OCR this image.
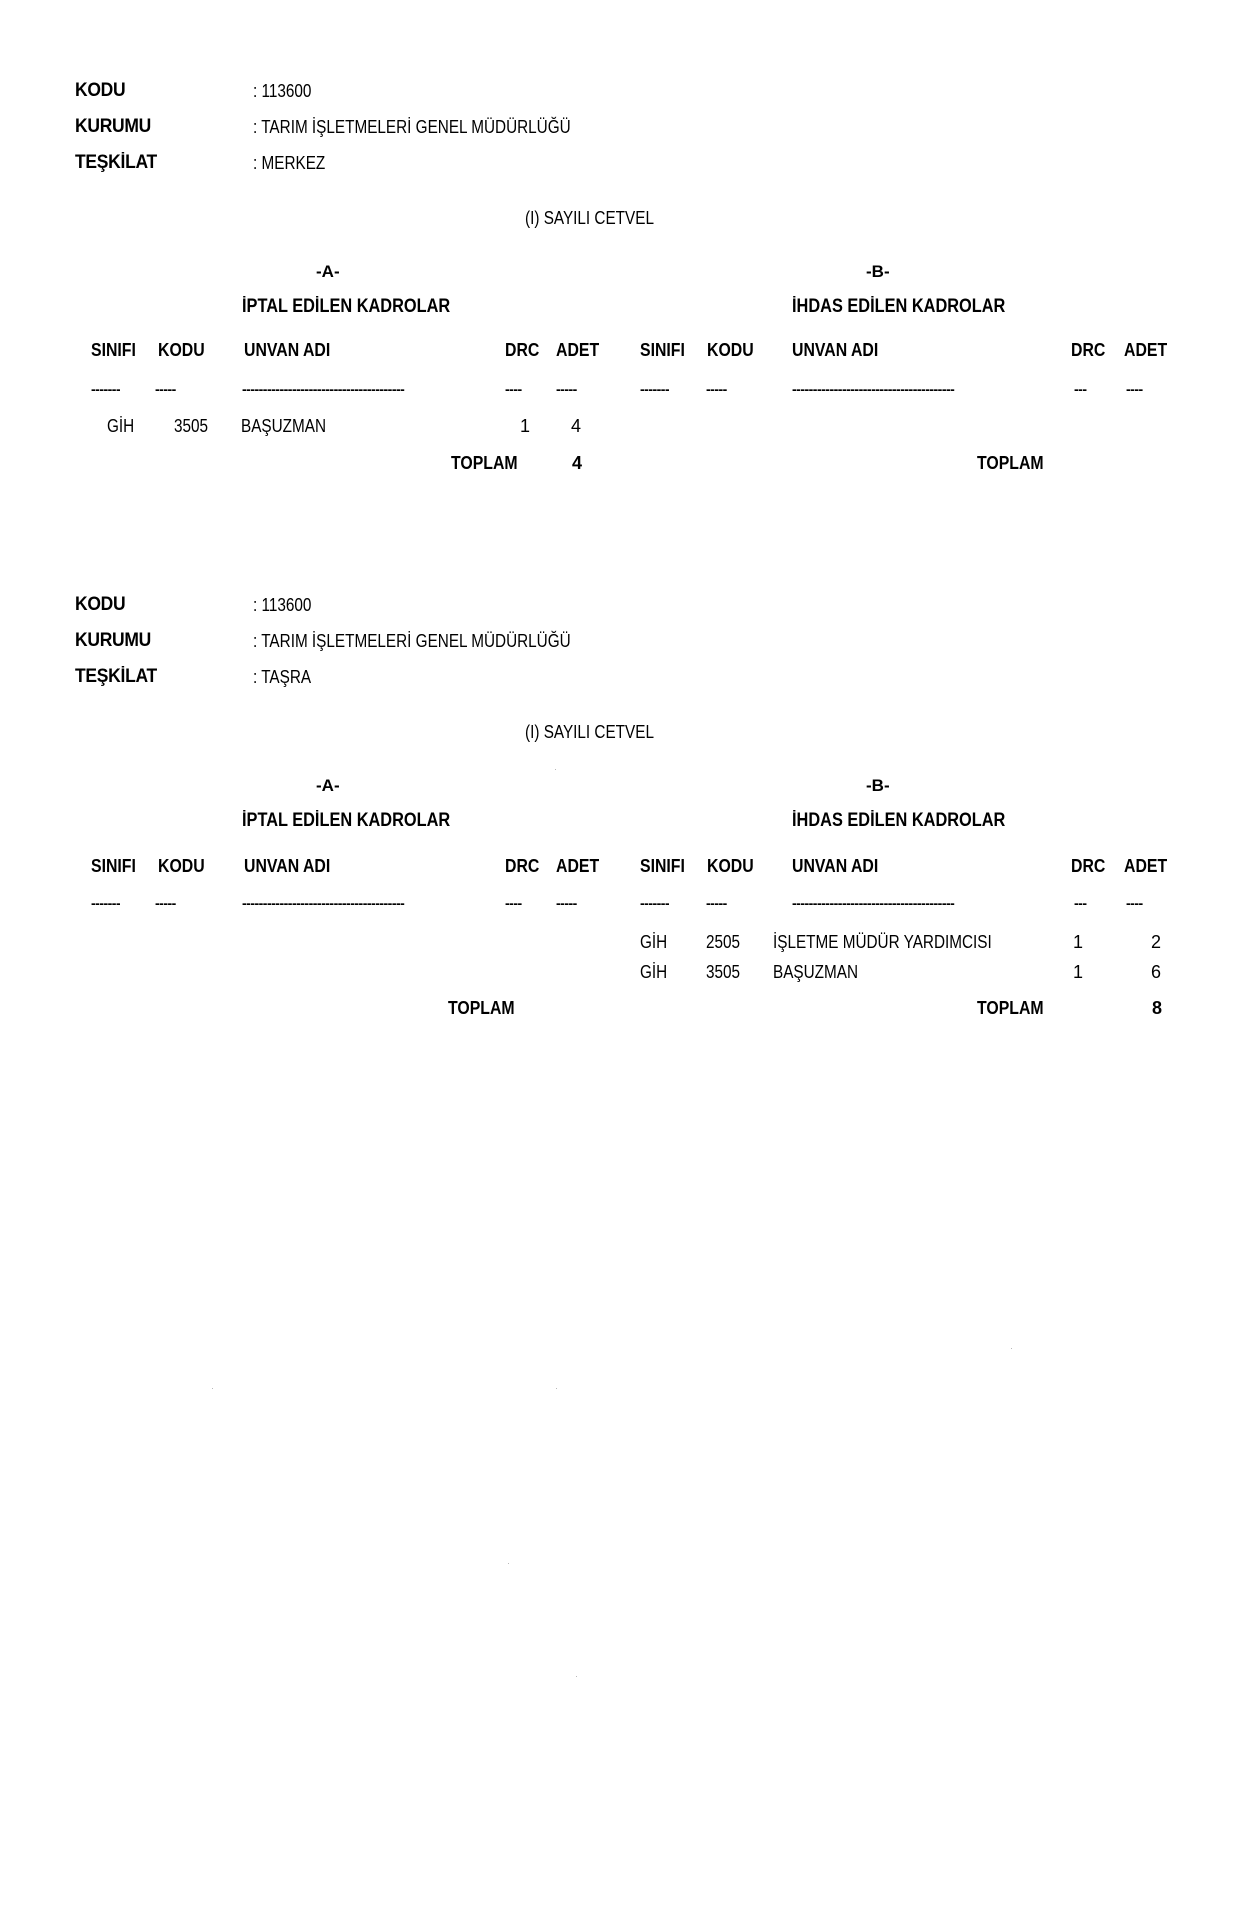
KODU	: 113600
KURUMU	: TARIM İŞLETMELERİ GENEL MÜDÜRLÜĞÜ
TEŞKİLAT	: MERKEZ
(I) SAYILI CETVEL
-A-
İPTAL EDİLEN KADROLAR
SINIFI KODU UNVAN ADI	DRC ADET
------- -----	---------------------------------------	---- -----
GİH 3505 BAŞUZMAN	1 4
TOPLAM	4
-B-
İHDAS EDİLEN KADROLAR
SINIFI KODU UNVAN ADI	DRC ADET
-------	-----	---------------------------------------	---	----
TOPLAM
KODU	: 113600
KURUMU	: TARIM İŞLETMELERİ GENEL MÜDÜRLÜĞÜ
TEŞKİLAT	: TAŞRA
(I) SAYILI CETVEL
-A-
İPTAL EDİLEN KADROLAR
SINIFI KODU UNVAN ADI	DRC ADET
------- -----	---------------------------------------	---- -----
TOPLAM
-B-
İHDAS EDİLEN KADROLAR
SINIFI KODU UNVAN ADI	DRC ADET
-------	-----	---------------------------------------	---	----
GİH 2505 İŞLETME MÜDÜR YARDIMCISI	1	2
GİH 3505 BAŞUZMAN	1	6
TOPLAM	8
